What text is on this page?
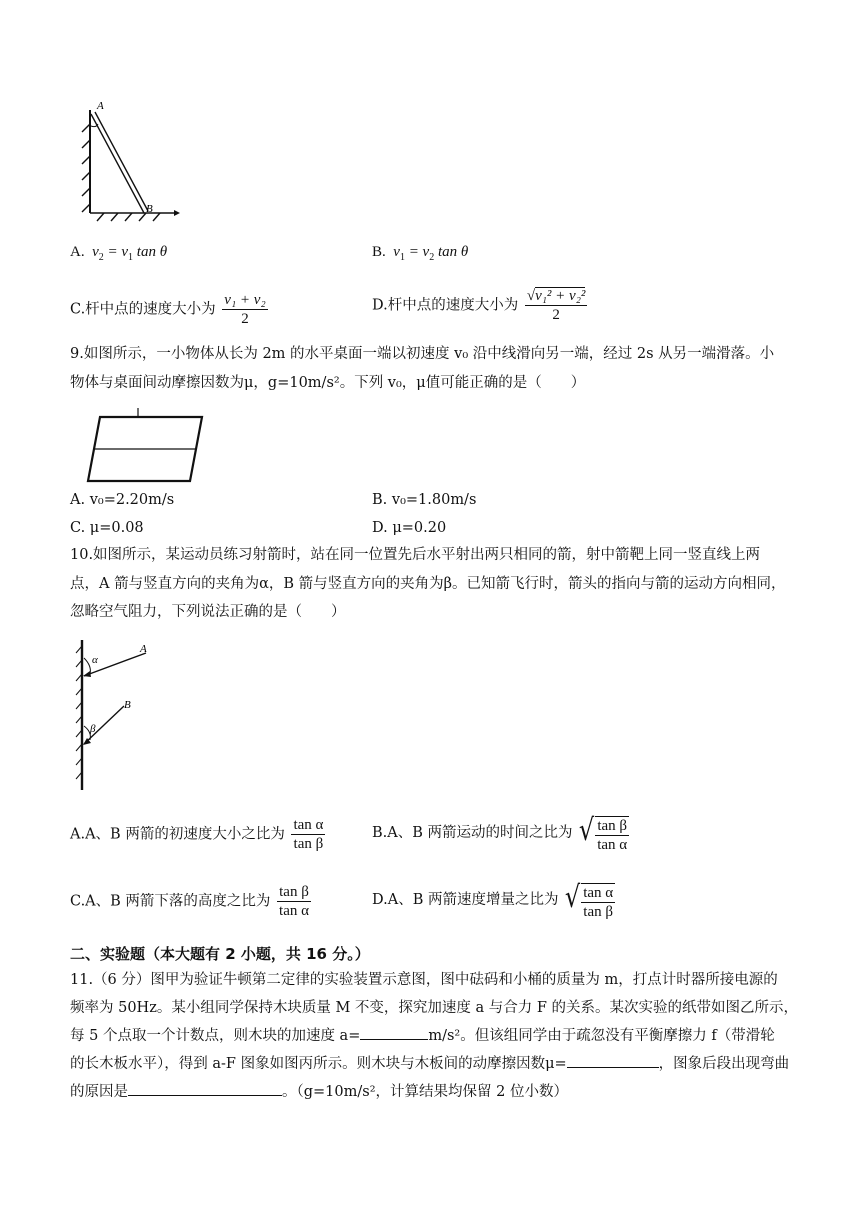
A
B
A. $v_2 = v_1$ tan θ	B. $v_1 = v_2$ tan θ
C.杆中点的速度大小为 $\frac{\text{v₁ + v₂}}{2}$	D.杆中点的速度大小为 $\frac{\text{√v₁² + v₂²}}{2}$
9.如图所示，一小物体从长为 2m 的水平桌面一端以初速度 v₀ 沿中线滑向另一端，经过 2s 从另一端滑落。小
物体与桌面间动摩擦因数为μ，g=10m/s²。下列 v₀，μ值可能正确的是（　　）
A. v₀=2.20m/s	B. v₀=1.80m/s
C. μ=0.08	D. μ=0.20
10.如图所示，某运动员练习射箭时，站在同一位置先后水平射出两只相同的箭，射中箭靶上同一竖直线上两
点，A 箭与竖直方向的夹角为α，B 箭与竖直方向的夹角为β。已知箭飞行时，箭头的指向与箭的运动方向相同，
忽略空气阻力，下列说法正确的是（　　）
α
A
β
B
A.A、B 两箭的初速度大小之比为 $\frac{\text{tan α}}{\text{tan β}}$	B.A、B 两箭运动的时间之比为 √ $\frac{\text{tan β}}{\text{tan α}}$
C.A、B 两箭下落的高度之比为 $\frac{\text{tan β}}{\text{tan α}}$	D.A、B 两箭速度增量之比为 √ $\frac{\text{tan α}}{\text{tan β}}$
二、实验题（本大题有 2 小题，共 16 分。）
11.（6 分）图甲为验证牛顿第二定律的实验装置示意图，图中砝码和小桶的质量为 m，打点计时器所接电源的
频率为 50Hz。某小组同学保持木块质量 M 不变，探究加速度 a 与合力 F 的关系。某次实验的纸带如图乙所示，
每 5 个点取一个计数点，则木块的加速度 a=	m/s²。但该组同学由于疏忽没有平衡摩擦力 f（带滑轮
的长木板水平），得到 a-F 图象如图丙所示。则木块与木板间的动摩擦因数μ=	，图象后段出现弯曲
的原因是	。（g=10m/s²，计算结果均保留 2 位小数）
